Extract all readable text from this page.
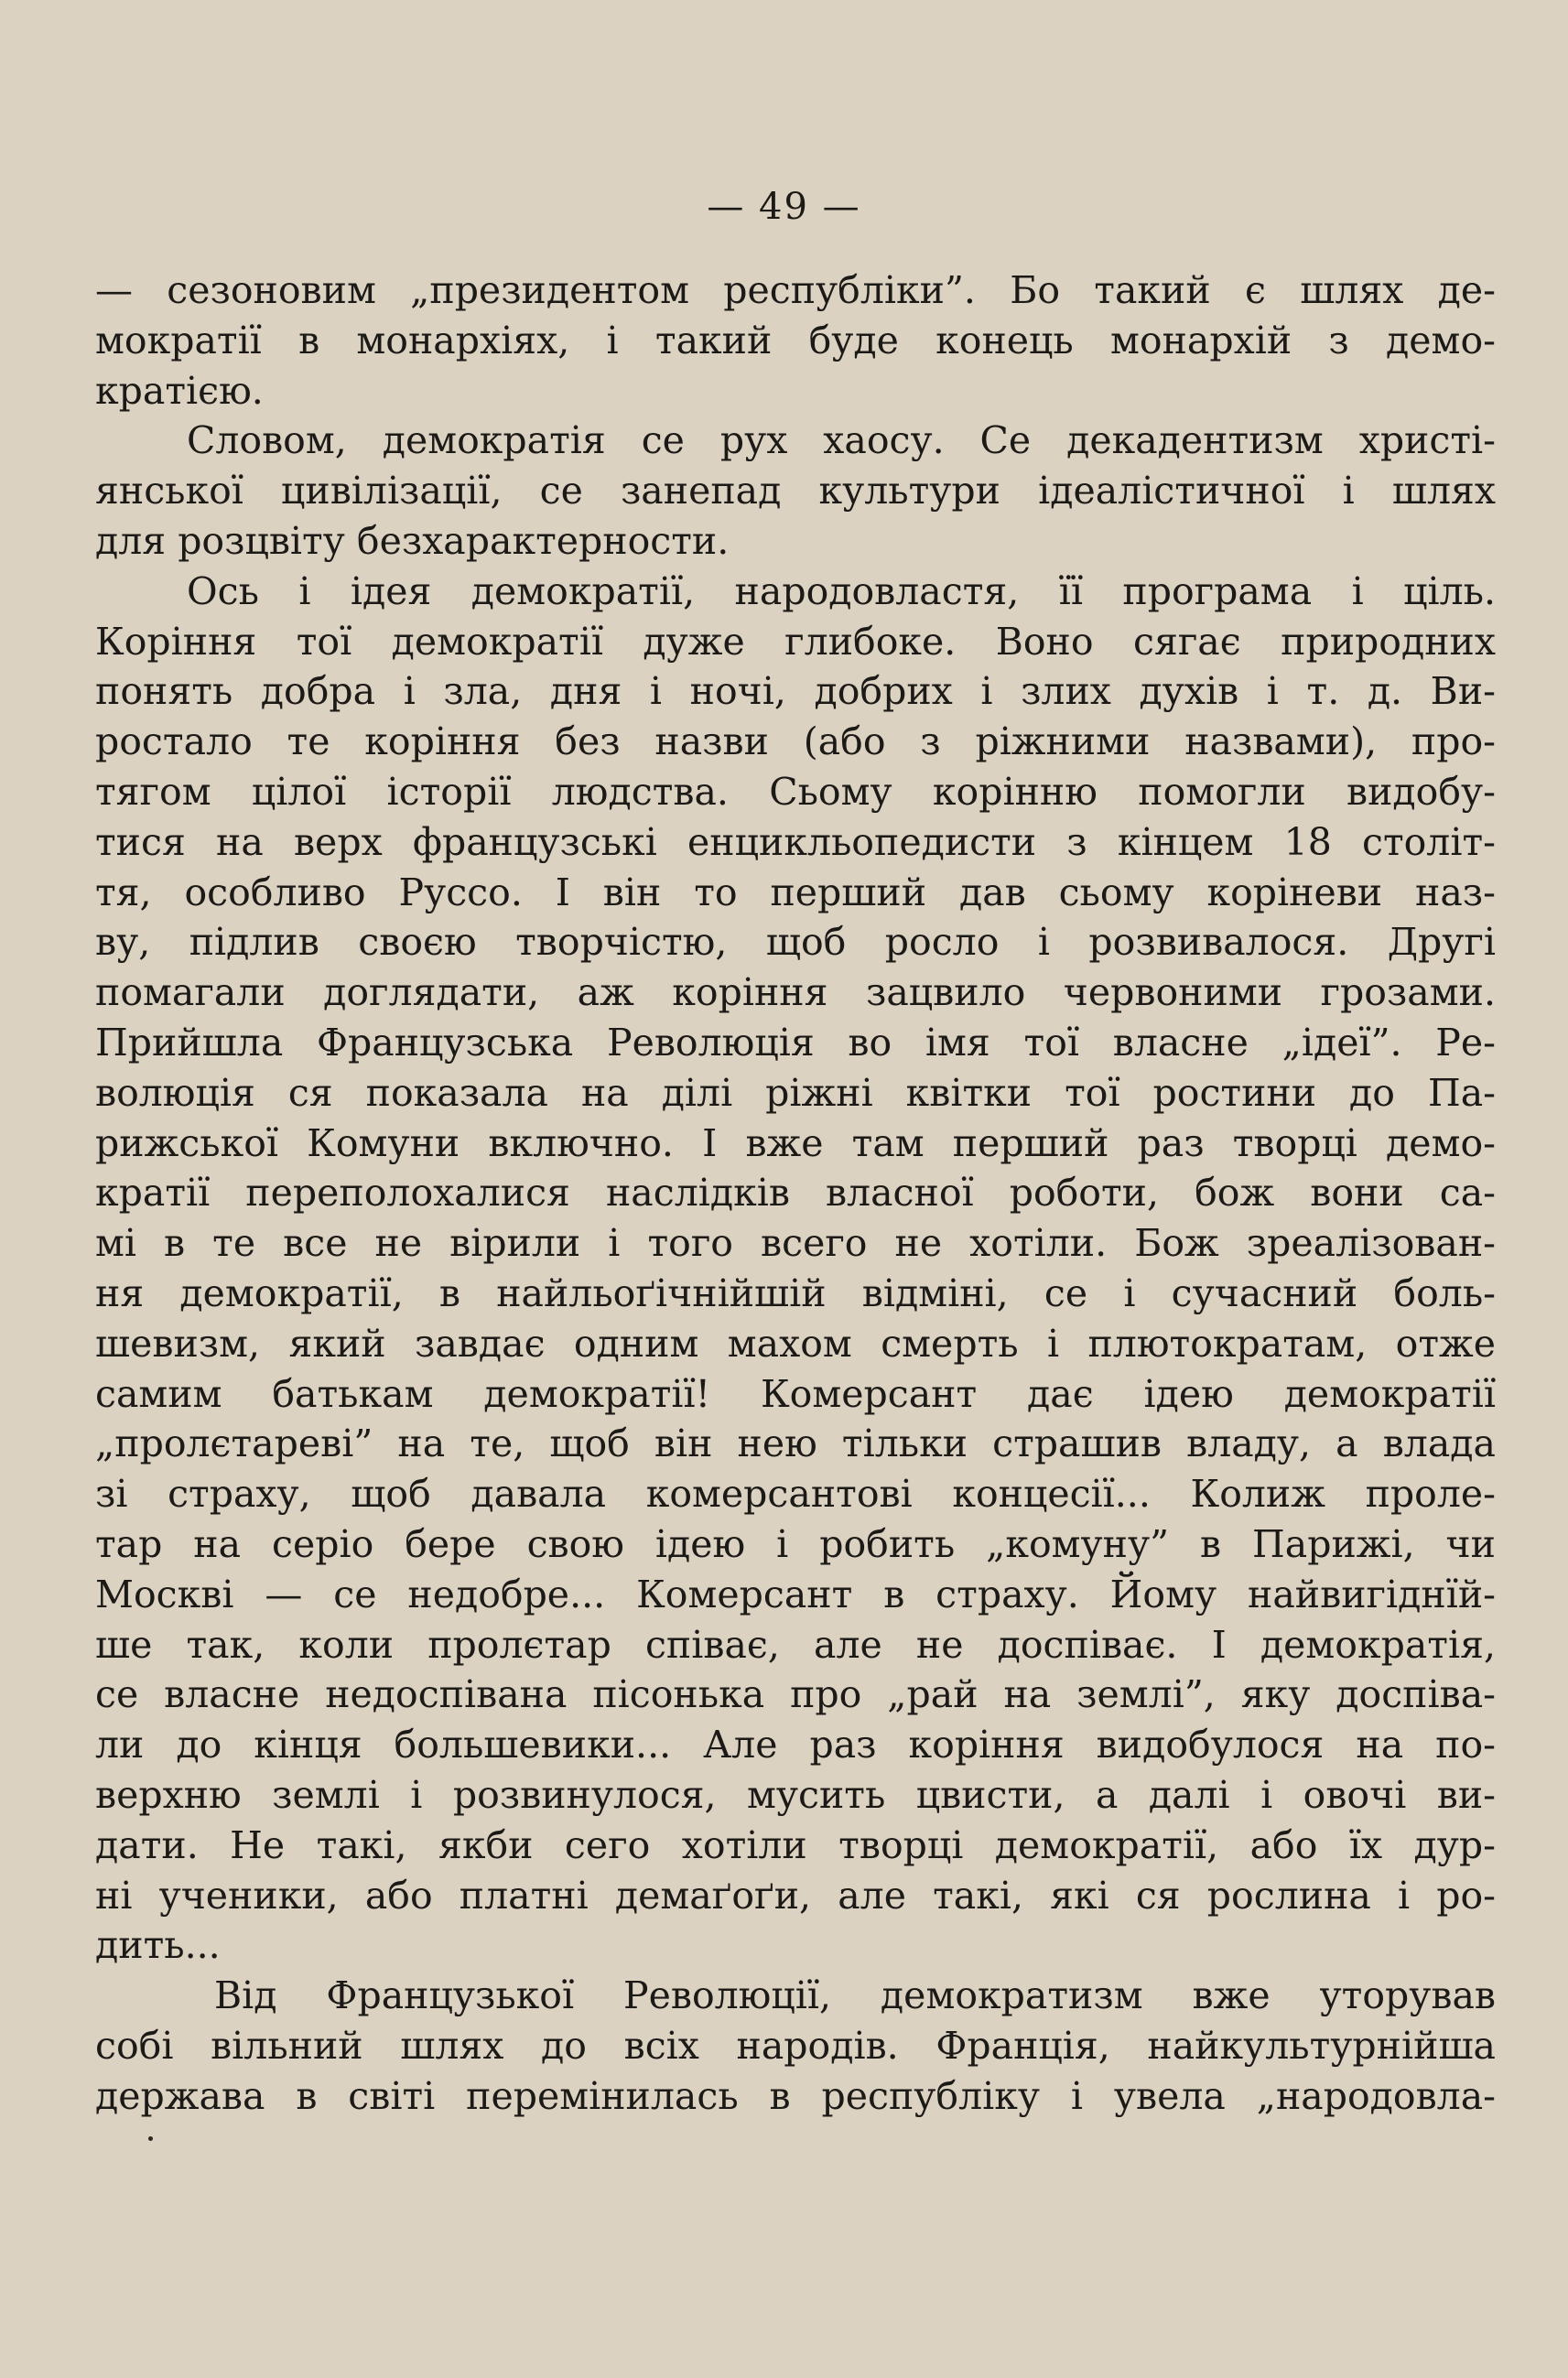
— 49 —
— сезоновим „президентом республіки”. Бо такий є шлях де-
мократії в монархіях, і такий буде конець монархій з демо-
кратією.
Словом, демократія се рух хаосу. Се декадентизм христі-
янської цивілізації, се занепад культури ідеалістичної і шлях
для розцвіту безхарактерности.
Ось і ідея демократії, народовластя, її програма і ціль.
Коріння тої демократії дуже глибоке. Воно сягає природних
понять добра і зла, дня і ночі, добрих і злих духів і т. д. Ви-
ростало те коріння без назви (або з ріжними назвами), про-
тягом цілої історії людства. Сьому корінню помогли видобу-
тися на верх французські енцикльопедисти з кінцем 18 століт-
тя, особливо Руссо. І він то перший дав сьому коріневи наз-
ву, підлив своєю творчістю, щоб росло і розвивалося. Другі
помагали доглядати, аж коріння зацвило червоними грозами.
Прийшла Французська Революція во імя тої власне „ідеї”. Ре-
волюція ся показала на ділі ріжні квітки тої ростини до Па-
рижської Комуни включно. І вже там перший раз творці демо-
кратії переполохалися наслідків власної роботи, бож вони са-
мі в те все не вірили і того всего не хотіли. Бож зреалізован-
ня демократії, в найльоґічнійшій відміні, се і сучасний боль-
шевизм, який завдає одним махом смерть і плютократам, отже
самим батькам демократії! Комерсант дає ідею демократії
„пролєтареві” на те, щоб він нею тільки страшив владу, а влада
зі страху, щоб давала комерсантові концесії... Колиж проле-
тар на серіо бере свою ідею і робить „комуну” в Парижі, чи
Москві — се недобре... Комерсант в страху. Йому найвигіднїй-
ше так, коли пролєтар співає, але не доспіває. І демократія,
се власне недоспівана пісонька про „рай на землі”, яку доспіва-
ли до кінця большевики... Але раз коріння видобулося на по-
верхню землі і розвинулося, мусить цвисти, а далі і овочі ви-
дати. Не такі, якби сего хотіли творці демократії, або їх дур-
ні ученики, або платні демаґоґи, але такі, які ся рослина і ро-
дить...
Від Французької Революції, демократизм вже уторував
собі вільний шлях до всіх народів. Франція, найкультурнійша
держава в світі перемінилась в республіку і увела „народовла-
